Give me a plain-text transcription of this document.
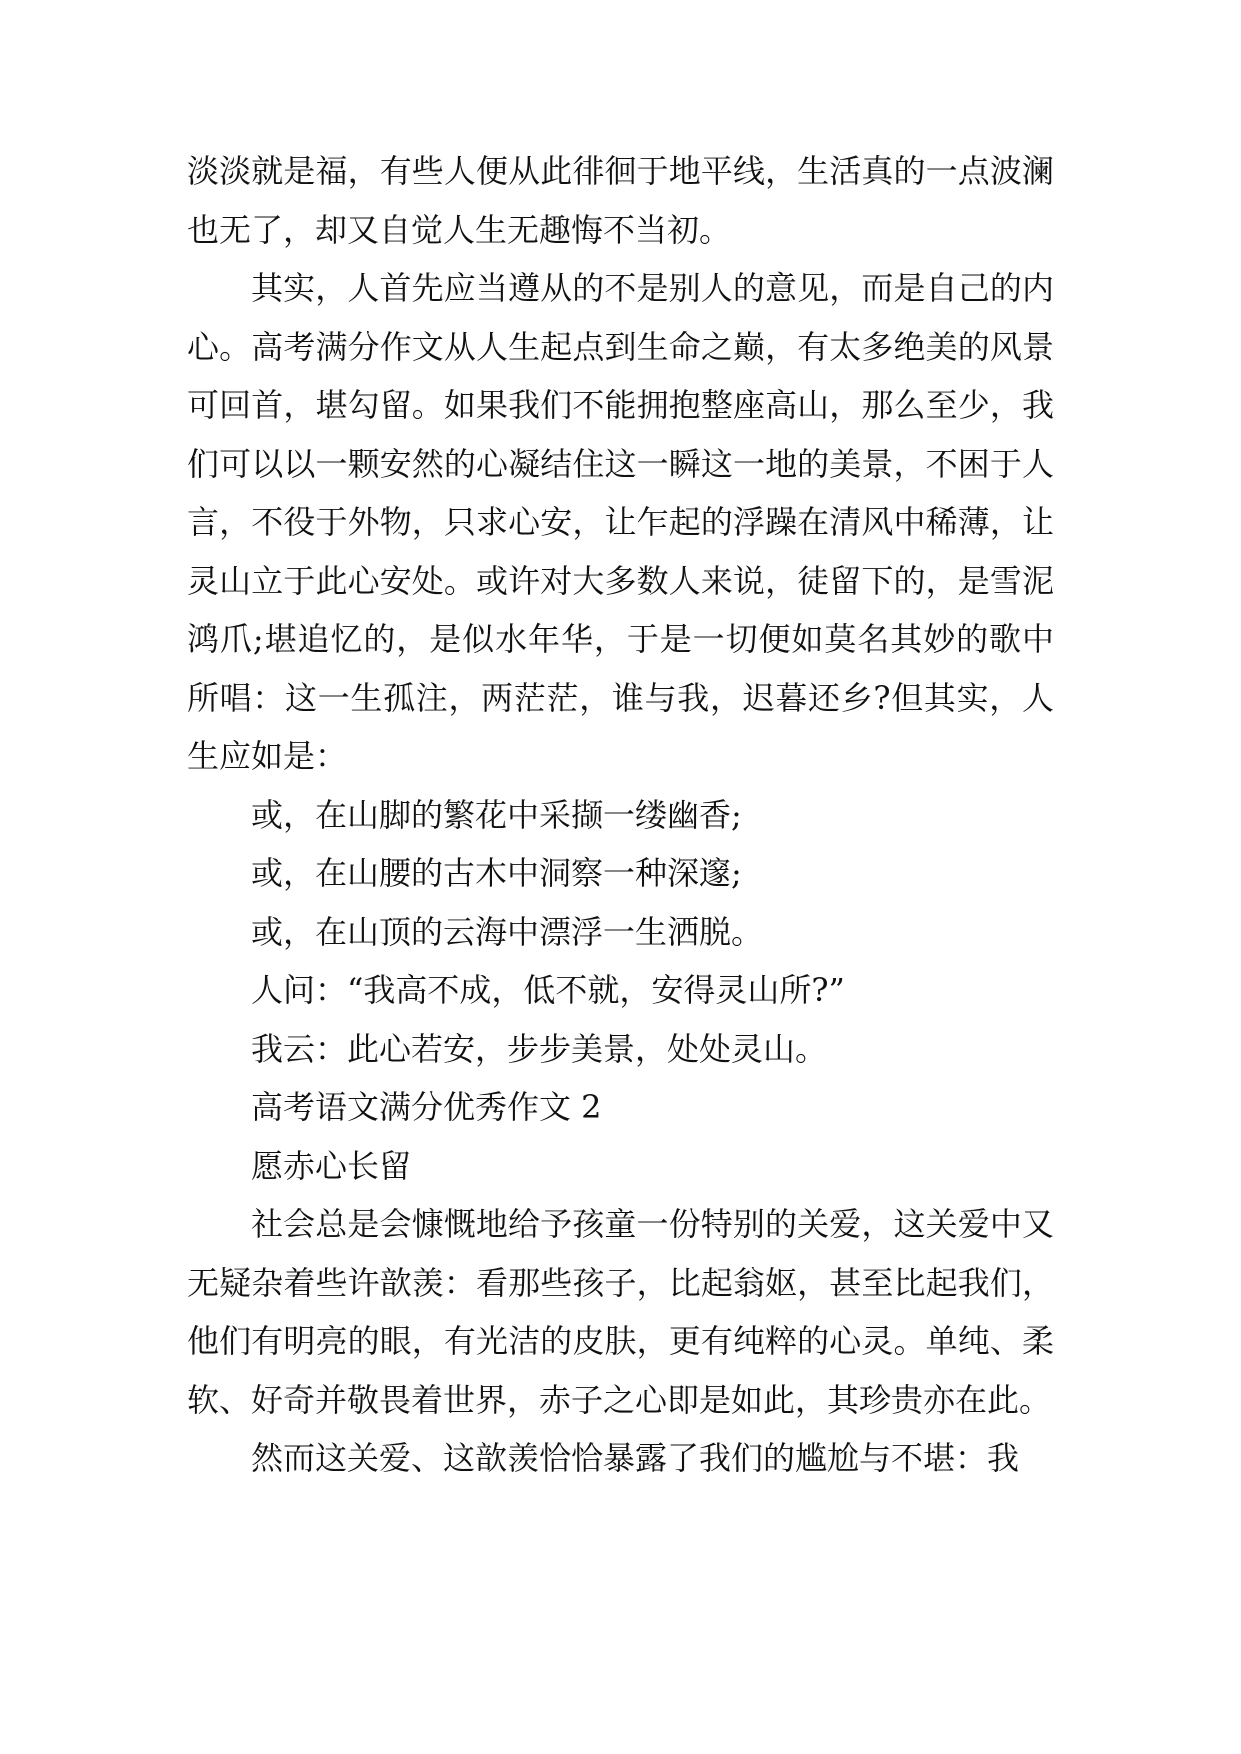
淡淡就是福，有些人便从此徘徊于地平线，生活真的一点波澜也无了，却又自觉人生无趣悔不当初。

其实，人首先应当遵从的不是别人的意见，而是自己的内心。高考满分作文从人生起点到生命之巅，有太多绝美的风景可回首，堪勾留。如果我们不能拥抱整座高山，那么至少，我们可以以一颗安然的心凝结住这一瞬这一地的美景，不困于人言，不役于外物，只求心安，让乍起的浮躁在清风中稀薄，让灵山立于此心安处。或许对大多数人来说，徒留下的，是雪泥鸿爪;堪追忆的，是似水年华，于是一切便如莫名其妙的歌中所唱：这一生孤注，两茫茫，谁与我，迟暮还乡?但其实，人生应如是：

或，在山脚的繁花中采撷一缕幽香;

或，在山腰的古木中洞察一种深邃;

或，在山顶的云海中漂浮一生洒脱。

人问：“我高不成，低不就，安得灵山所?”

我云：此心若安，步步美景，处处灵山。

高考语文满分优秀作文 2

愿赤心长留

社会总是会慷慨地给予孩童一份特别的关爱，这关爱中又无疑杂着些许歆羡：看那些孩子，比起翁妪，甚至比起我们，他们有明亮的眼，有光洁的皮肤，更有纯粹的心灵。单纯、柔软、好奇并敬畏着世界，赤子之心即是如此，其珍贵亦在此。

然而这关爱、这歆羡恰恰暴露了我们的尴尬与不堪：我
